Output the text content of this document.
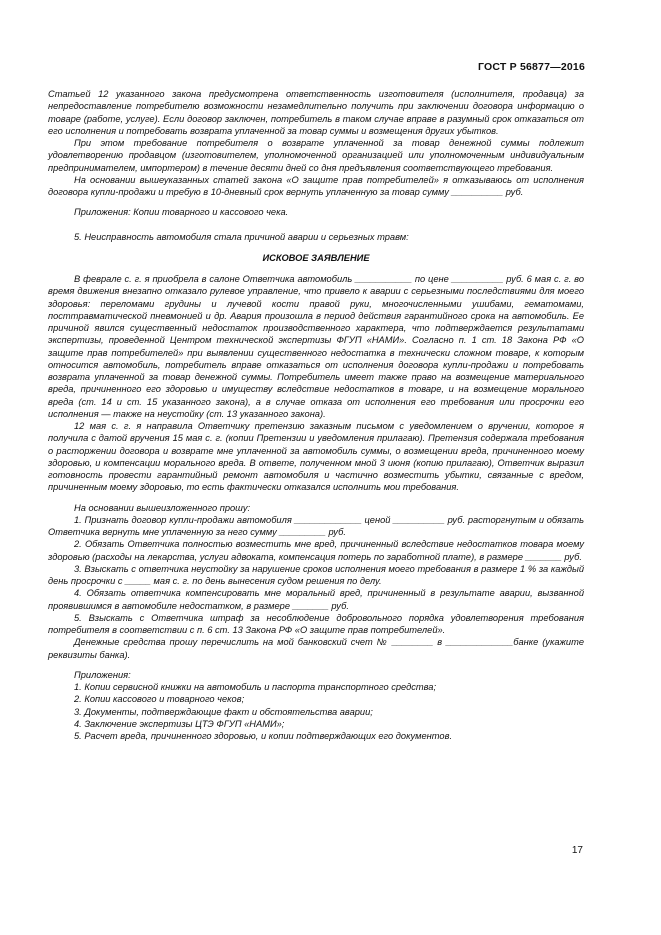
ГОСТ Р 56877—2016

Статьей 12 указанного закона предусмотрена ответственность изготовителя (исполнителя, продавца) за непредоставление потребителю возможности незамедлительно получить при заключении договора информацию о товаре (работе, услуге). Если договор заключен, потребитель в таком случае вправе в разумный срок отказаться от его исполнения и потребовать возврата уплаченной за товар суммы и возмещения других убытков.

При этом требование потребителя о возврате уплаченной за товар денежной суммы подлежит удовлетворению продавцом (изготовителем, уполномоченной организацией или уполномоченным индивидуальным предпринимателем, импортером) в течение десяти дней со дня предъявления соответствующего требования.

На основании вышеуказанных статей закона «О защите прав потребителей» я отказываюсь от исполнения договора купли-продажи и требую в 10-дневный срок вернуть уплаченную за товар сумму __________ руб.

Приложения: Копии товарного и кассового чека.

5. Неисправность автомобиля стала причиной аварии и серьезных травм:

ИСКОВОЕ ЗАЯВЛЕНИЕ

В феврале с. г. я приобрела в салоне Ответчика автомобиль ___________ по цене __________ руб. 6 мая с. г. во время движения внезапно отказало рулевое управление, что привело к аварии с серьезными последствиями для моего здоровья: переломами грудины и лучевой кости правой руки, многочисленными ушибами, гематомами, посттравматической пневмонией и др. Авария произошла в период действия гарантийного срока на автомобиль. Ее причиной явился существенный недостаток производственного характера, что подтверждается результатами экспертизы, проведенной Центром технической экспертизы ФГУП «НАМИ». Согласно п. 1 ст. 18 Закона РФ «О защите прав потребителей» при выявлении существенного недостатка в технически сложном товаре, к которым относится автомобиль, потребитель вправе отказаться от исполнения договора купли-продажи и потребовать возврата уплаченной за товар денежной суммы. Потребитель имеет также право на возмещение материального вреда, причиненного его здоровью и имуществу вследствие недостатков в товаре, и на возмещение морального вреда (ст. 14 и ст. 15 указанного закона), а в случае отказа от исполнения его требования или просрочки его исполнения — также на неустойку (ст. 13 указанного закона).

12 мая с. г. я направила Ответчику претензию заказным письмом с уведомлением о вручении, которое я получила с датой вручения 15 мая с. г. (копии Претензии и уведомления прилагаю). Претензия содержала требования о расторжении договора и возврате мне уплаченной за автомобиль суммы, о возмещении вреда, причиненного моему здоровью, и компенсации морального вреда. В ответе, полученном мной 3 июня (копию прилагаю), Ответчик выразил готовность провести гарантийный ремонт автомобиля и частично возместить убытки, связанные с вредом, причиненным моему здоровью, то есть фактически отказался исполнить мои требования.

На основании вышеизложенного прошу:

1. Признать договор купли-продажи автомобиля _____________ ценой __________ руб. расторгнутым и обязать Ответчика вернуть мне уплаченную за него сумму _________ руб.
2. Обязать Ответчика полностью возместить мне вред, причиненный вследствие недостатков товара моему здоровью (расходы на лекарства, услуги адвоката, компенсация потерь по заработной плате), в размере _______ руб.
3. Взыскать с ответчика неустойку за нарушение сроков исполнения моего требования в размере 1 % за каждый день просрочки с _____ мая с. г. по день вынесения судом решения по делу.
4. Обязать ответчика компенсировать мне моральный вред, причиненный в результате аварии, вызванной проявившимся в автомобиле недостатком, в размере _______ руб.
5. Взыскать с Ответчика штраф за несоблюдение добровольного порядка удовлетворения требования потребителя в соответствии с п. 6 ст. 13 Закона РФ «О защите прав потребителей».
Денежные средства прошу перечислить на мой банковский счет № ________ в _____________банке (укажите реквизиты банка).

Приложения:

1. Копии сервисной книжки на автомобиль и паспорта транспортного средства;
2. Копии кассового и товарного чеков;
3. Документы, подтверждающие факт и обстоятельства аварии;
4. Заключение экспертизы ЦТЭ ФГУП «НАМИ»;
5. Расчет вреда, причиненного здоровью, и копии подтверждающих его документов.
17
